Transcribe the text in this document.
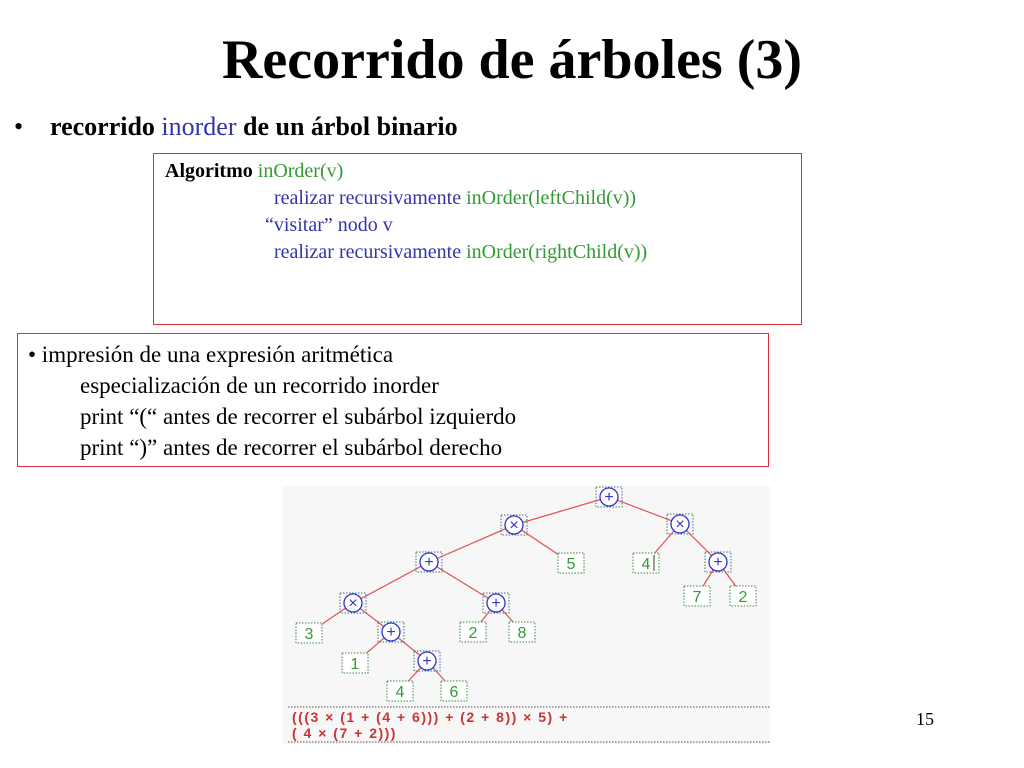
Recorrido de árboles (3)
• recorrido inorder de un árbol binario
Algoritmo inOrder(v)
realizar recursivamente inOrder(leftChild(v))
“visitar” nodo v
realizar recursivamente inOrder(rightChild(v))
• impresión de una expresión aritmética
especialización de un recorrido inorder
print “(“ antes de recorrer el subárbol izquierdo
print “)” antes de recorrer el subárbol derecho
+
×	×
+	5	4	+
7 2
×	+
2	8
3	+
1	+
4	6
(((3 × (1 + (4 + 6))) + (2 + 8)) × 5) +
( 4 × (7 + 2)))
15
